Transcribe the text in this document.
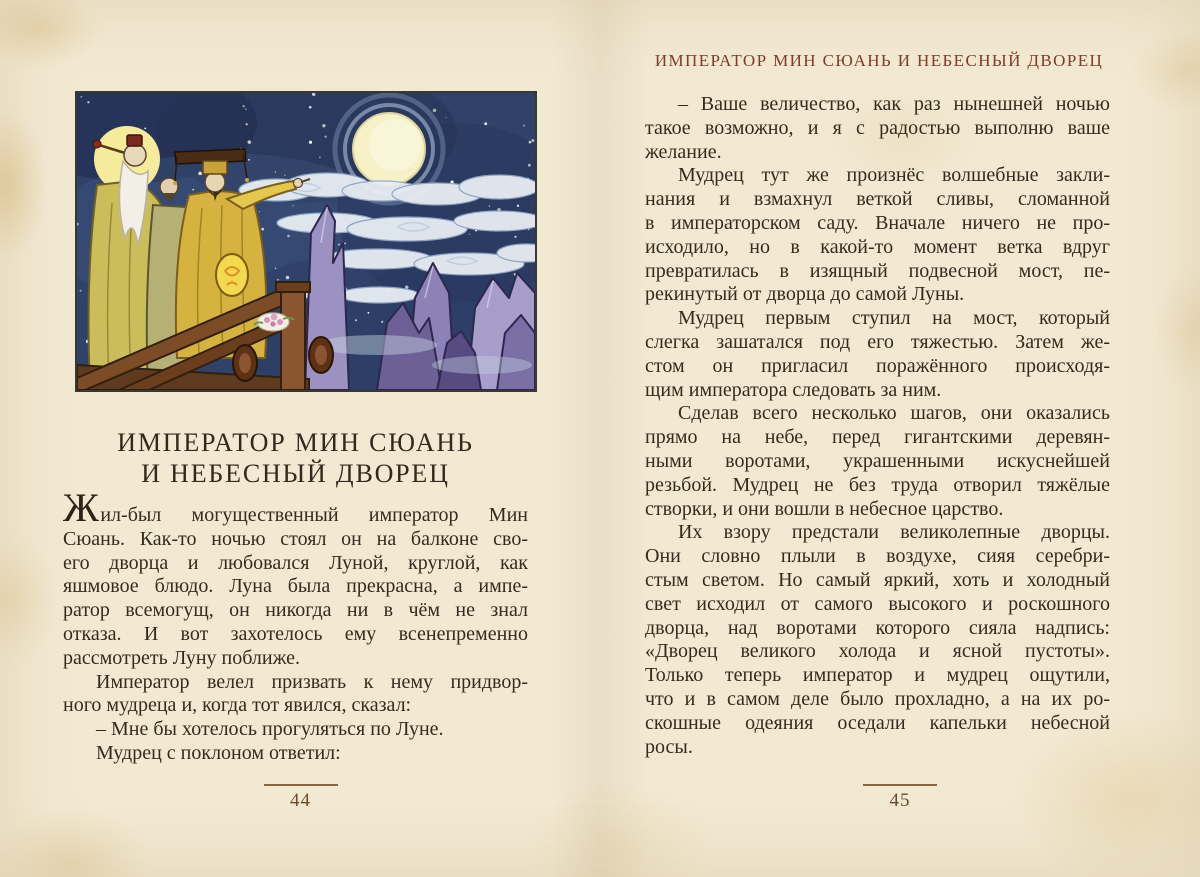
ИМПЕРАТОР МИН СЮАНЬ
И НЕБЕСНЫЙ ДВОРЕЦ
Жил-был могущественный император Мин
Сюань. Как-то ночью стоял он на балконе сво-
его дворца и любовался Луной, круглой, как
яшмовое блюдо. Луна была прекрасна, а импе-
ратор всемогущ, он никогда ни в чём не знал
отказа. И вот захотелось ему всенепременно
рассмотреть Луну поближе.
Император велел призвать к нему придвор-
ного мудреца и, когда тот явился, сказал:
– Мне бы хотелось прогуляться по Луне.
Мудрец с поклоном ответил:
44
ИМПЕРАТОР МИН СЮАНЬ И НЕБЕСНЫЙ ДВОРЕЦ
– Ваше величество, как раз нынешней ночью
такое возможно, и я с радостью выполню ваше
желание.
Мудрец тут же произнёс волшебные закли-
нания и взмахнул веткой сливы, сломанной
в императорском саду. Вначале ничего не про-
исходило, но в какой-то момент ветка вдруг
превратилась в изящный подвесной мост, пе-
рекинутый от дворца до самой Луны.
Мудрец первым ступил на мост, который
слегка зашатался под его тяжестью. Затем же-
стом он пригласил поражённого происходя-
щим императора следовать за ним.
Сделав всего несколько шагов, они оказались
прямо на небе, перед гигантскими деревян-
ными воротами, украшенными искуснейшей
резьбой. Мудрец не без труда отворил тяжёлые
створки, и они вошли в небесное царство.
Их взору предстали великолепные дворцы.
Они словно плыли в воздухе, сияя серебри-
стым светом. Но самый яркий, хоть и холодный
свет исходил от самого высокого и роскошного
дворца, над воротами которого сияла надпись:
«Дворец великого холода и ясной пустоты».
Только теперь император и мудрец ощутили,
что и в самом деле было прохладно, а на их ро-
скошные одеяния оседали капельки небесной
росы.
45
